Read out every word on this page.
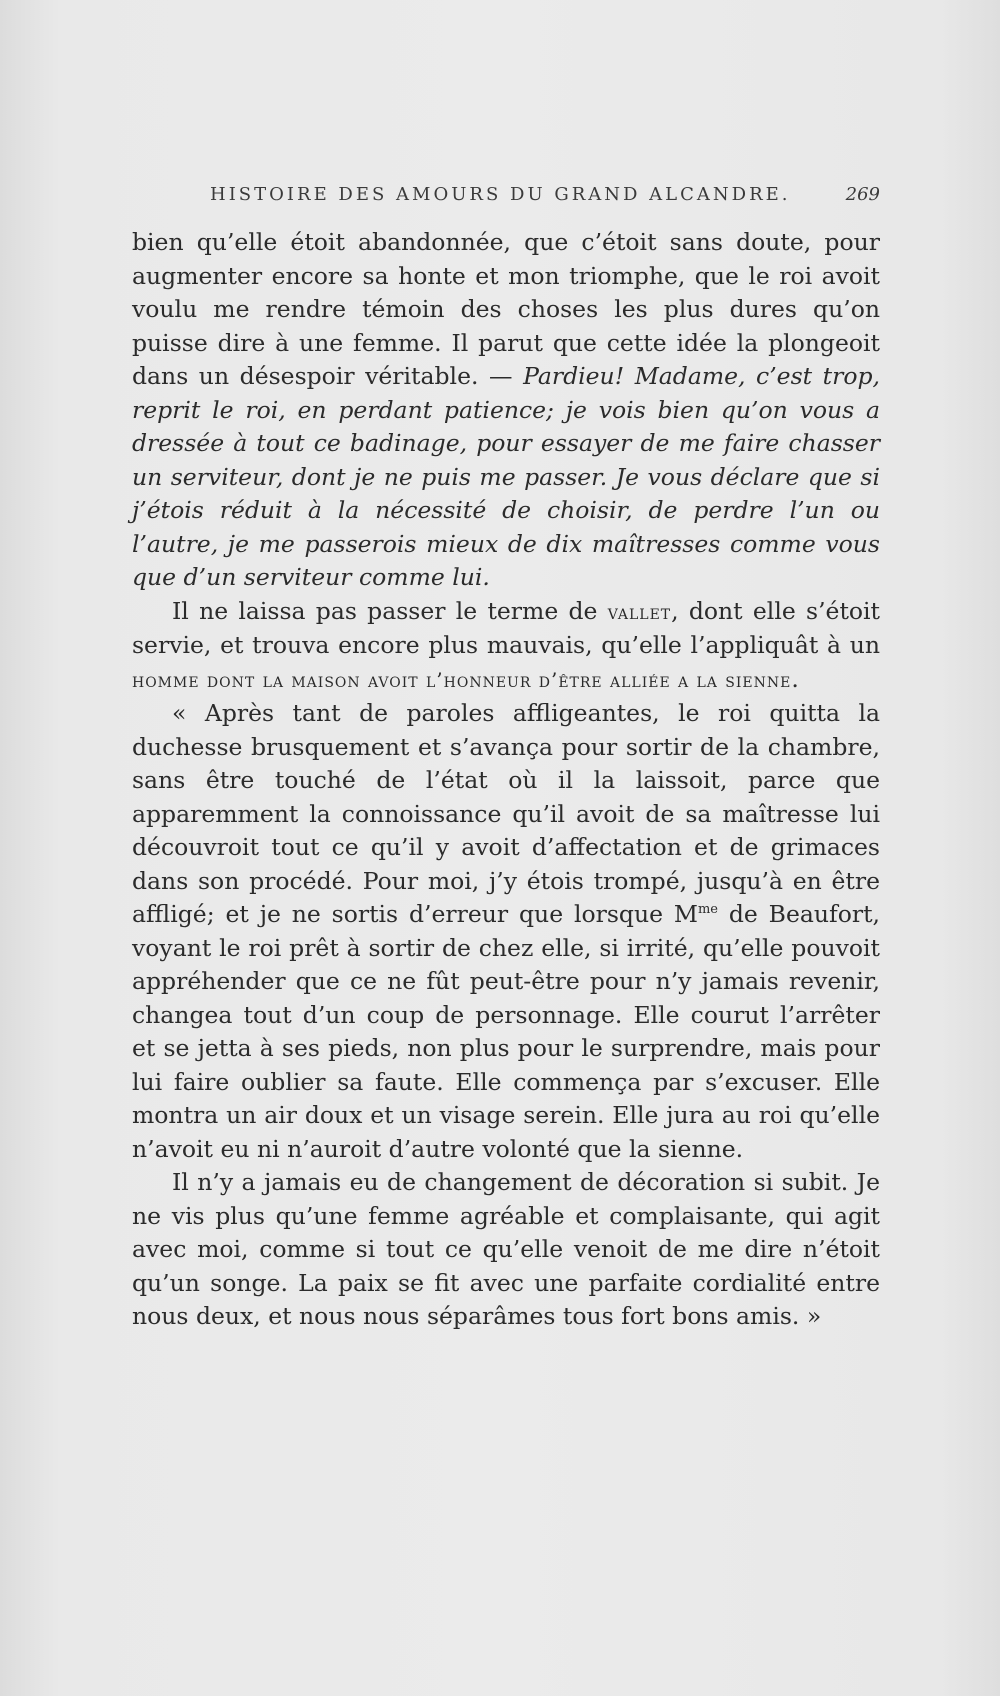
HISTOIRE DES AMOURS DU GRAND ALCANDRE.	269

bien qu’elle étoit abandonnée, que c’étoit sans doute, pour augmenter encore sa honte et mon triomphe, que le roi avoit voulu me rendre témoin des choses les plus dures qu’on puisse dire à une femme. Il parut que cette idée la plongeoit dans un désespoir véritable. — Pardieu! Madame, c’est trop, reprit le roi, en perdant patience; je vois bien qu’on vous a dressée à tout ce badinage, pour essayer de me faire chasser un serviteur, dont je ne puis me passer. Je vous déclare que si j’étois réduit à la nécessité de choisir, de perdre l’un ou l’autre, je me passerois mieux de dix maîtresses comme vous que d’un serviteur comme lui.

Il ne laissa pas passer le terme de vallet, dont elle s’étoit servie, et trouva encore plus mauvais, qu’elle l’appliquât à un homme dont la maison avoit l’honneur d’être alliée a la sienne.

« Après tant de paroles affligeantes, le roi quitta la duchesse brusquement et s’avança pour sortir de la chambre, sans être touché de l’état où il la laissoit, parce que apparemment la connoissance qu’il avoit de sa maîtresse lui découvroit tout ce qu’il y avoit d’affectation et de grimaces dans son procédé. Pour moi, j’y étois trompé, jusqu’à en être affligé; et je ne sortis d’erreur que lorsque $M^{me}$ de Beaufort, voyant le roi prêt à sortir de chez elle, si irrité, qu’elle pouvoit appréhender que ce ne fût peut-être pour n’y jamais revenir, changea tout d’un coup de personnage. Elle courut l’arrêter et se jetta à ses pieds, non plus pour le surprendre, mais pour lui faire oublier sa faute. Elle commença par s’excuser. Elle montra un air doux et un visage serein. Elle jura au roi qu’elle n’avoit eu ni n’auroit d’autre volonté que la sienne.

Il n’y a jamais eu de changement de décoration si subit. Je ne vis plus qu’une femme agréable et complaisante, qui agit avec moi, comme si tout ce qu’elle venoit de me dire n’étoit qu’un songe. La paix se fit avec une parfaite cordialité entre nous deux, et nous nous séparâmes tous fort bons amis. »
